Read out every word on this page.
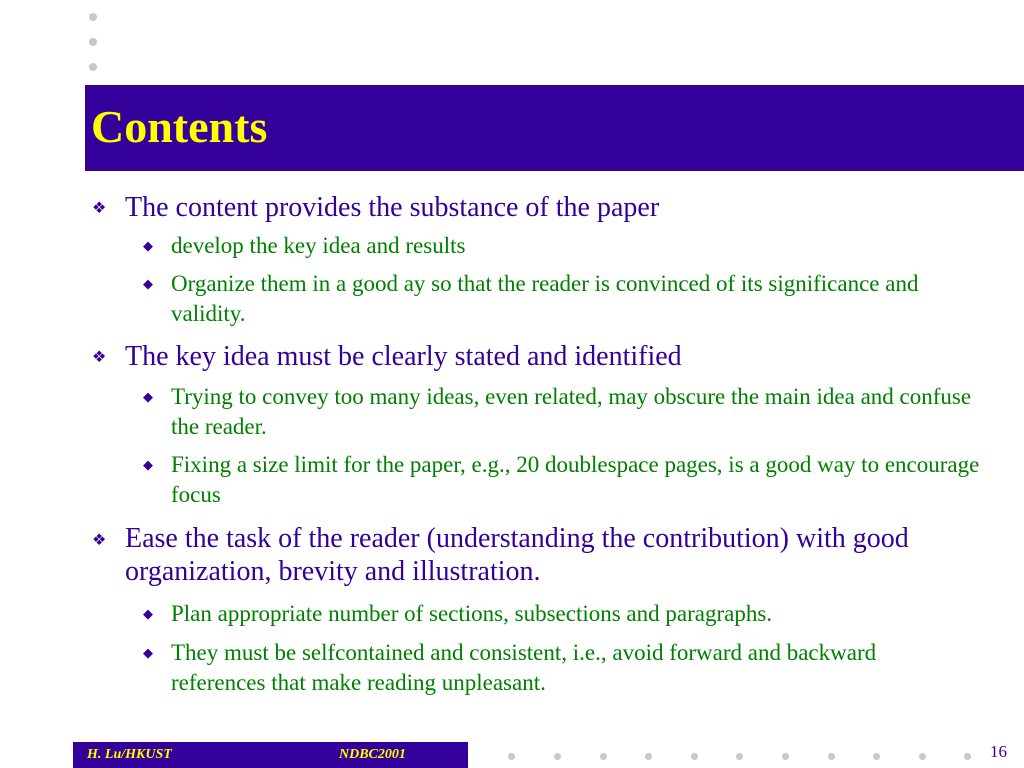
Contents
❖ The content provides the substance of the paper
◆ develop the key idea and results
◆ Organize them in a good ay so that the reader is convinced of its significance and validity.
❖ The key idea must be clearly stated and identified
◆ Trying to convey too many ideas, even related, may obscure the main idea and confuse the reader.
◆ Fixing a size limit for the paper, e.g., 20 doublespace pages, is a good way to encourage focus
❖ Ease the task of the reader (understanding the contribution) with good organization, brevity and illustration.
◆ Plan appropriate number of sections, subsections and paragraphs.
◆ They must be selfcontained and consistent, i.e., avoid forward and backward references that make reading unpleasant.
H. Lu/HKUST	NDBC2001	16
